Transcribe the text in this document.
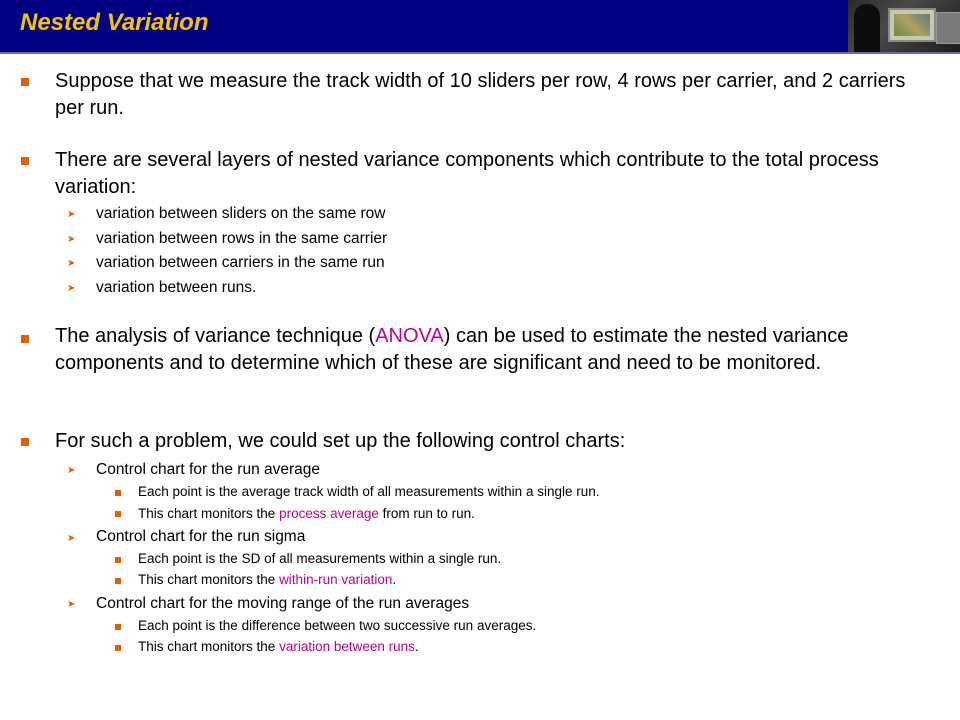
Nested Variation
Suppose that we measure the track width of 10 sliders per row, 4 rows per carrier, and 2 carriers per run.
There are several layers of nested variance components which contribute to the total process variation:
➤ variation between sliders on the same row
➤ variation between rows in the same carrier
➤ variation between carriers in the same run
➤ variation between runs.
The analysis of variance technique (ANOVA) can be used to estimate the nested variance components and to determine which of these are significant and need to be monitored.
For such a problem, we could set up the following control charts:
➤ Control chart for the run average
Each point is the average track width of all measurements within a single run.
This chart monitors the process average from run to run.
➤ Control chart for the run sigma
Each point is the SD of all measurements within a single run.
This chart monitors the within-run variation.
➤ Control chart for the moving range of the run averages
Each point is the difference between two successive run averages.
This chart monitors the variation between runs.
